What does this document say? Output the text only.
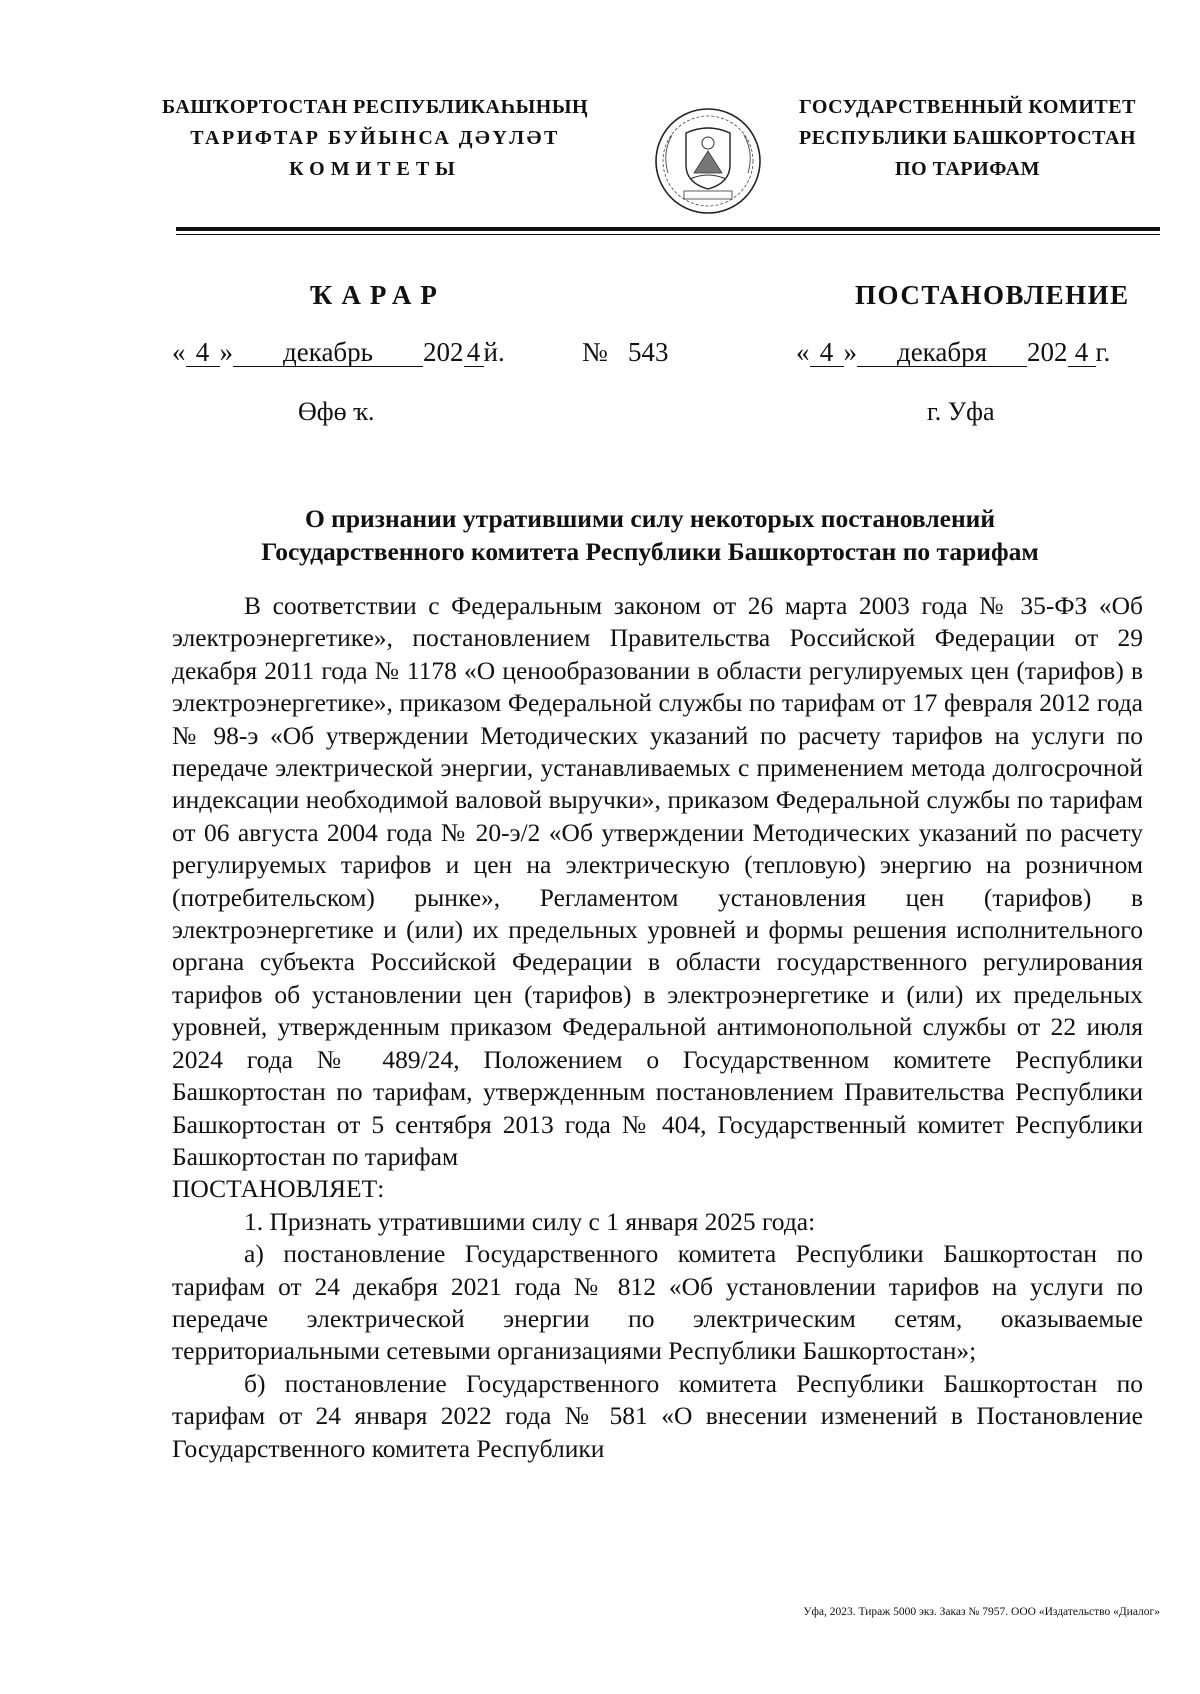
БАШҠОРТОСТАН РЕСПУБЛИКАҺЫНЫҢ
ТАРИФТАР БУЙЫНСА ДӘҮЛӘТ
КОМИТЕТЫ
ГОСУДАРСТВЕННЫЙ КОМИТЕТ
РЕСПУБЛИКИ БАШКОРТОСТАН
ПО ТАРИФАМ
ҠАРАР	ПОСТАНОВЛЕНИЕ
« 4 » декабрь 202 4 й.	№ 543	« 4 » декабря 202 4 г.
Өфө ҡ.	г. Уфа
О признании утратившими силу некоторых постановлений
Государственного комитета Республики Башкортостан по тарифам

В соответствии с Федеральным законом от 26 марта 2003 года № 35-ФЗ «Об электроэнергетике», постановлением Правительства Российской Федерации от 29 декабря 2011 года № 1178 «О ценообразовании в области регулируемых цен (тарифов) в электроэнергетике», приказом Федеральной службы по тарифам от 17 февраля 2012 года № 98-э «Об утверждении Методических указаний по расчету тарифов на услуги по передаче электрической энергии, устанавливаемых с применением метода долгосрочной индексации необходимой валовой выручки», приказом Федеральной службы по тарифам от 06 августа 2004 года № 20-э/2 «Об утверждении Методических указаний по расчету регулируемых тарифов и цен на электрическую (тепловую) энергию на розничном (потребительском) рынке», Регламентом установления цен (тарифов) в электроэнергетике и (или) их предельных уровней и формы решения исполнительного органа субъекта Российской Федерации в области государственного регулирования тарифов об установлении цен (тарифов) в электроэнергетике и (или) их предельных уровней, утвержденным приказом Федеральной антимонопольной службы от 22 июля 2024 года № 489/24, Положением о Государственном комитете Республики Башкортостан по тарифам, утвержденным постановлением Правительства Республики Башкортостан от 5 сентября 2013 года № 404, Государственный комитет Республики Башкортостан по тарифам

ПОСТАНОВЛЯЕТ:

1. Признать утратившими силу с 1 января 2025 года:

а) постановление Государственного комитета Республики Башкортостан по тарифам от 24 декабря 2021 года № 812 «Об установлении тарифов на услуги по передаче электрической энергии по электрическим сетям, оказываемые территориальными сетевыми организациями Республики Башкортостан»;

б) постановление Государственного комитета Республики Башкортостан по тарифам от 24 января 2022 года № 581 «О внесении изменений в Постановление Государственного комитета Республики

Уфа, 2023. Тираж 5000 экз. Заказ № 7957. ООО «Издательство «Диалог»
